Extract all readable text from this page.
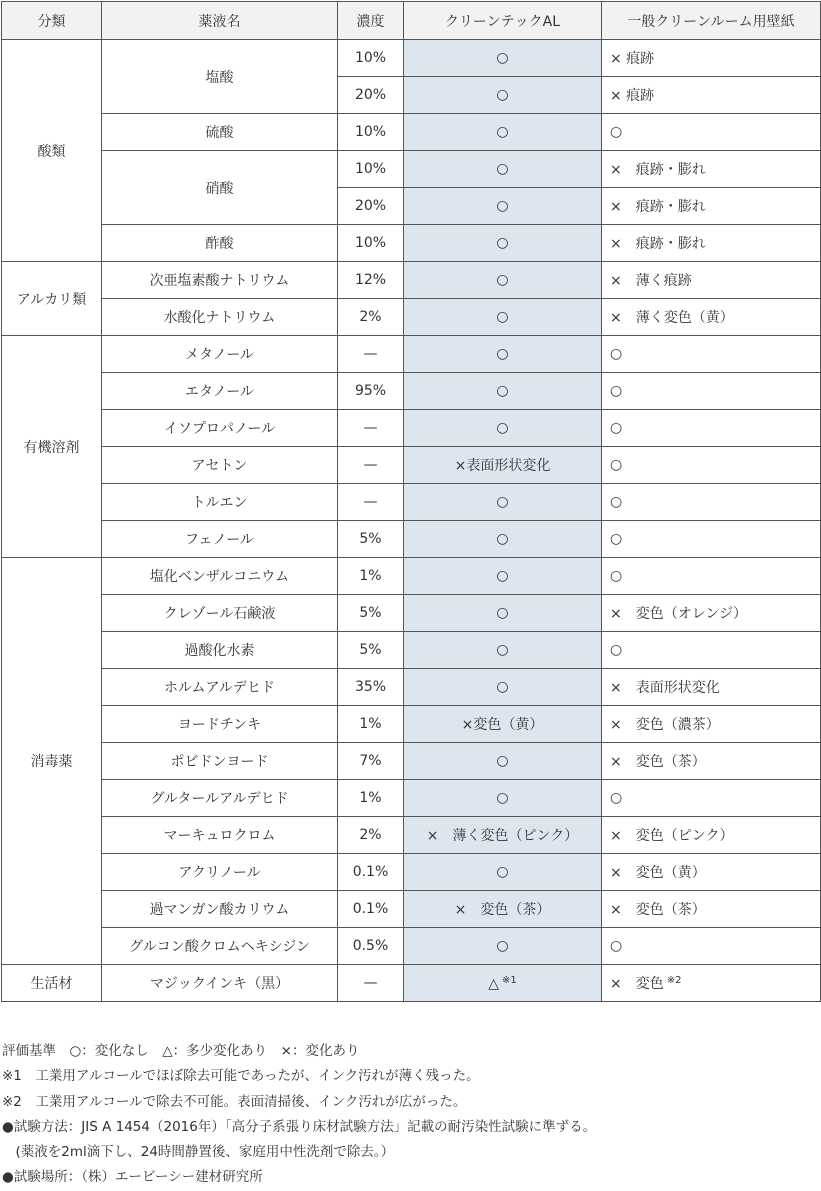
分類	薬液名	濃度	クリーンテックAL	一般クリーンルーム用壁紙
酸類	塩酸	10%	○	× 痕跡
		20%	○	× 痕跡
	硫酸	10%	○	○
	硝酸	10%	○	×　痕跡・膨れ
		20%	○	×　痕跡・膨れ
	酢酸	10%	○	×　痕跡・膨れ
アルカリ類	次亜塩素酸ナトリウム	12%	○	×　薄く痕跡
	水酸化ナトリウム	2%	○	×　薄く変色（黄）
有機溶剤	メタノール	—	○	○
	エタノール	95%	○	○
	イソプロパノール	—	○	○
	アセトン	—	×表面形状変化	○
	トルエン	—	○	○
	フェノール	5%	○	○
消毒薬	塩化ベンザルコニウム	1%	○	○
	クレゾール石鹸液	5%	○	×　変色（オレンジ）
	過酸化水素	5%	○	○
	ホルムアルデヒド	35%	○	×　表面形状変化
	ヨードチンキ	1%	×変色（黄）	×　変色（濃茶）
	ポビドンヨード	7%	○	×　変色（茶）
	グルタールアルデヒド	1%	○	○
	マーキュロクロム	2%	×　薄く変色（ピンク）	×　変色（ピンク）
	アクリノール	0.1%	○	×　変色（黄）
	過マンガン酸カリウム	0.1%	×　変色（茶）	×　変色（茶）
	グルコン酸クロムヘキシジン	0.5%	○	○
生活材	マジックインキ（黒）	—	△ $^{※1}$	×　変色 $^{※2}$
評価基準　○：変化なし　△：多少変化あり　×：変化あり
※1　工業用アルコールでほぼ除去可能であったが、インク汚れが薄く残った。
※2　工業用アルコールで除去不可能。表面清掃後、インク汚れが広がった。
●試験方法：JIS A 1454（2016年）「高分子系張り床材試験方法」記載の耐汚染性試験に準ずる。
　(薬液を2ml滴下し、24時間静置後、家庭用中性洗剤で除去。）
●試験場所：（株）エービーシー建材研究所
